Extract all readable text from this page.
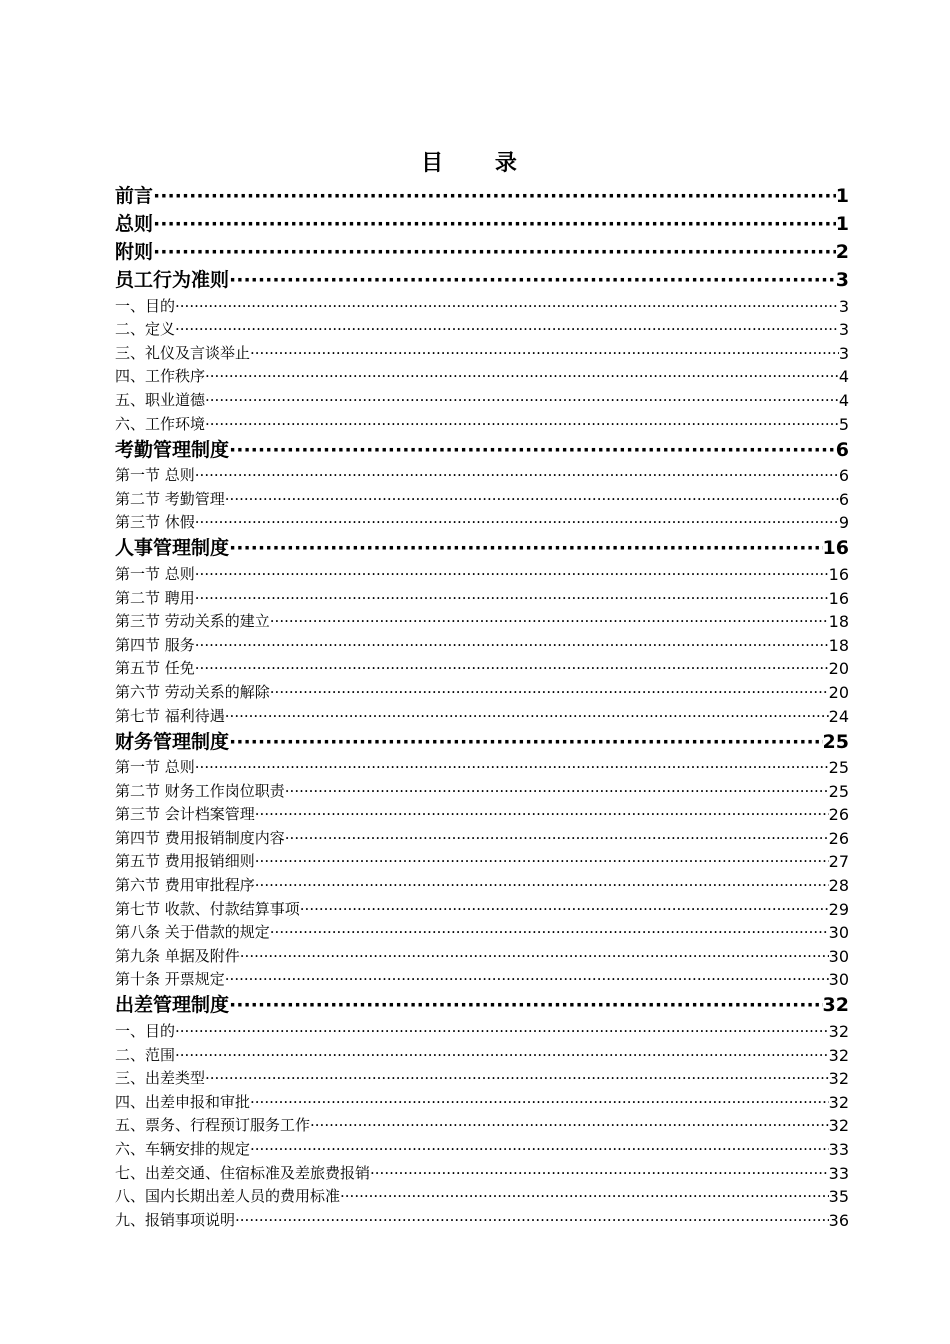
目 录
前言 ·····	1
总则 ·····	1
附则 ·····	2
员工行为准则 ·····	3
一、目的 ·····	3
二、定义 ·····	3
三、礼仪及言谈举止 ·····	3
四、工作秩序 ·····	4
五、职业道德 ·····	4
六、工作环境 ·····	5
考勤管理制度 ·····	6
第一节 总则 ·····	6
第二节 考勤管理 ·····	6
第三节 休假 ·····	9
人事管理制度 ·····	16
第一节 总则 ·····	16
第二节 聘用 ·····	16
第三节 劳动关系的建立 ·····	18
第四节 服务 ·····	18
第五节 任免 ·····	20
第六节 劳动关系的解除 ·····	20
第七节 福利待遇 ·····	24
财务管理制度 ·····	25
第一节 总则 ·····	25
第二节 财务工作岗位职责 ·····	25
第三节 会计档案管理 ·····	26
第四节 费用报销制度内容 ·····	26
第五节 费用报销细则 ·····	27
第六节 费用审批程序 ·····	28
第七节 收款、付款结算事项 ·····	29
第八条 关于借款的规定 ·····	30
第九条 单据及附件 ·····	30
第十条 开票规定 ·····	30
出差管理制度 ·····	32
一、目的 ·····	32
二、范围 ·····	32
三、出差类型 ·····	32
四、出差申报和审批 ·····	32
五、票务、行程预订服务工作 ·····	32
六、车辆安排的规定 ·····	33
七、出差交通、住宿标准及差旅费报销 ·····	33
八、国内长期出差人员的费用标准 ·····	35
九、报销事项说明 ·····	36
